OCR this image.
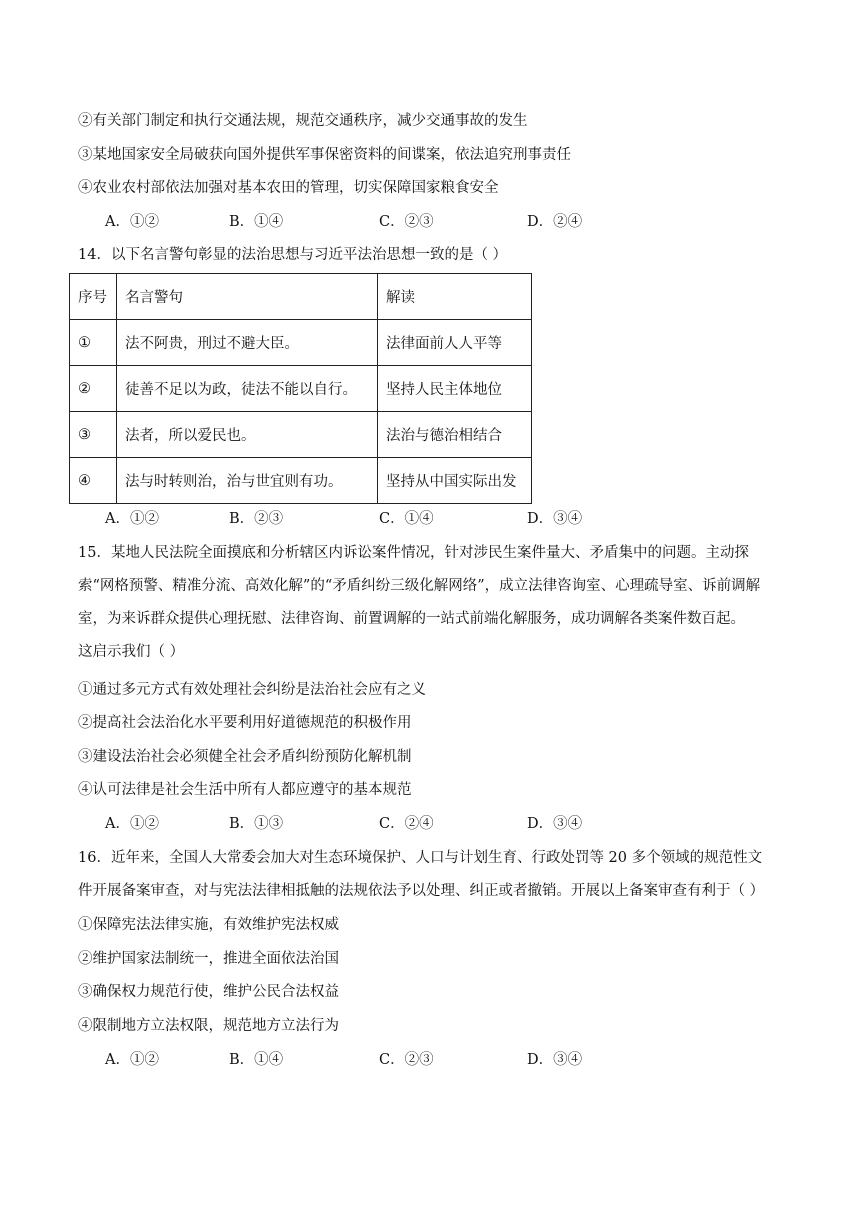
②有关部门制定和执行交通法规，规范交通秩序，减少交通事故的发生
③某地国家安全局破获向国外提供军事保密资料的间谍案，依法追究刑事责任
④农业农村部依法加强对基本农田的管理，切实保障国家粮食安全
A．①②	B．①④	C．②③	D．②④
14．以下名言警句彰显的法治思想与习近平法治思想一致的是（ ）
序号	名言警句	解读
①	法不阿贵，刑过不避大臣。	法律面前人人平等
②	徒善不足以为政，徒法不能以自行。	坚持人民主体地位
③	法者，所以爱民也。	法治与德治相结合
④	法与时转则治，治与世宜则有功。	坚持从中国实际出发
A．①②	B．②③	C．①④	D．③④
15．某地人民法院全面摸底和分析辖区内诉讼案件情况，针对涉民生案件量大、矛盾集中的问题。主动探
索“网格预警、精准分流、高效化解”的“矛盾纠纷三级化解网络”，成立法律咨询室、心理疏导室、诉前调解
室，为来诉群众提供心理抚慰、法律咨询、前置调解的一站式前端化解服务，成功调解各类案件数百起。
这启示我们（ ）
①通过多元方式有效处理社会纠纷是法治社会应有之义
②提高社会法治化水平要利用好道德规范的积极作用
③建设法治社会必须健全社会矛盾纠纷预防化解机制
④认可法律是社会生活中所有人都应遵守的基本规范
A．①②	B．①③	C．②④	D．③④
16．近年来，全国人大常委会加大对生态环境保护、人口与计划生育、行政处罚等 20 多个领域的规范性文
件开展备案审查，对与宪法法律相抵触的法规依法予以处理、纠正或者撤销。开展以上备案审查有利于（ ）
①保障宪法法律实施，有效维护宪法权威
②维护国家法制统一，推进全面依法治国
③确保权力规范行使，维护公民合法权益
④限制地方立法权限，规范地方立法行为
A．①②	B．①④	C．②③	D．③④
